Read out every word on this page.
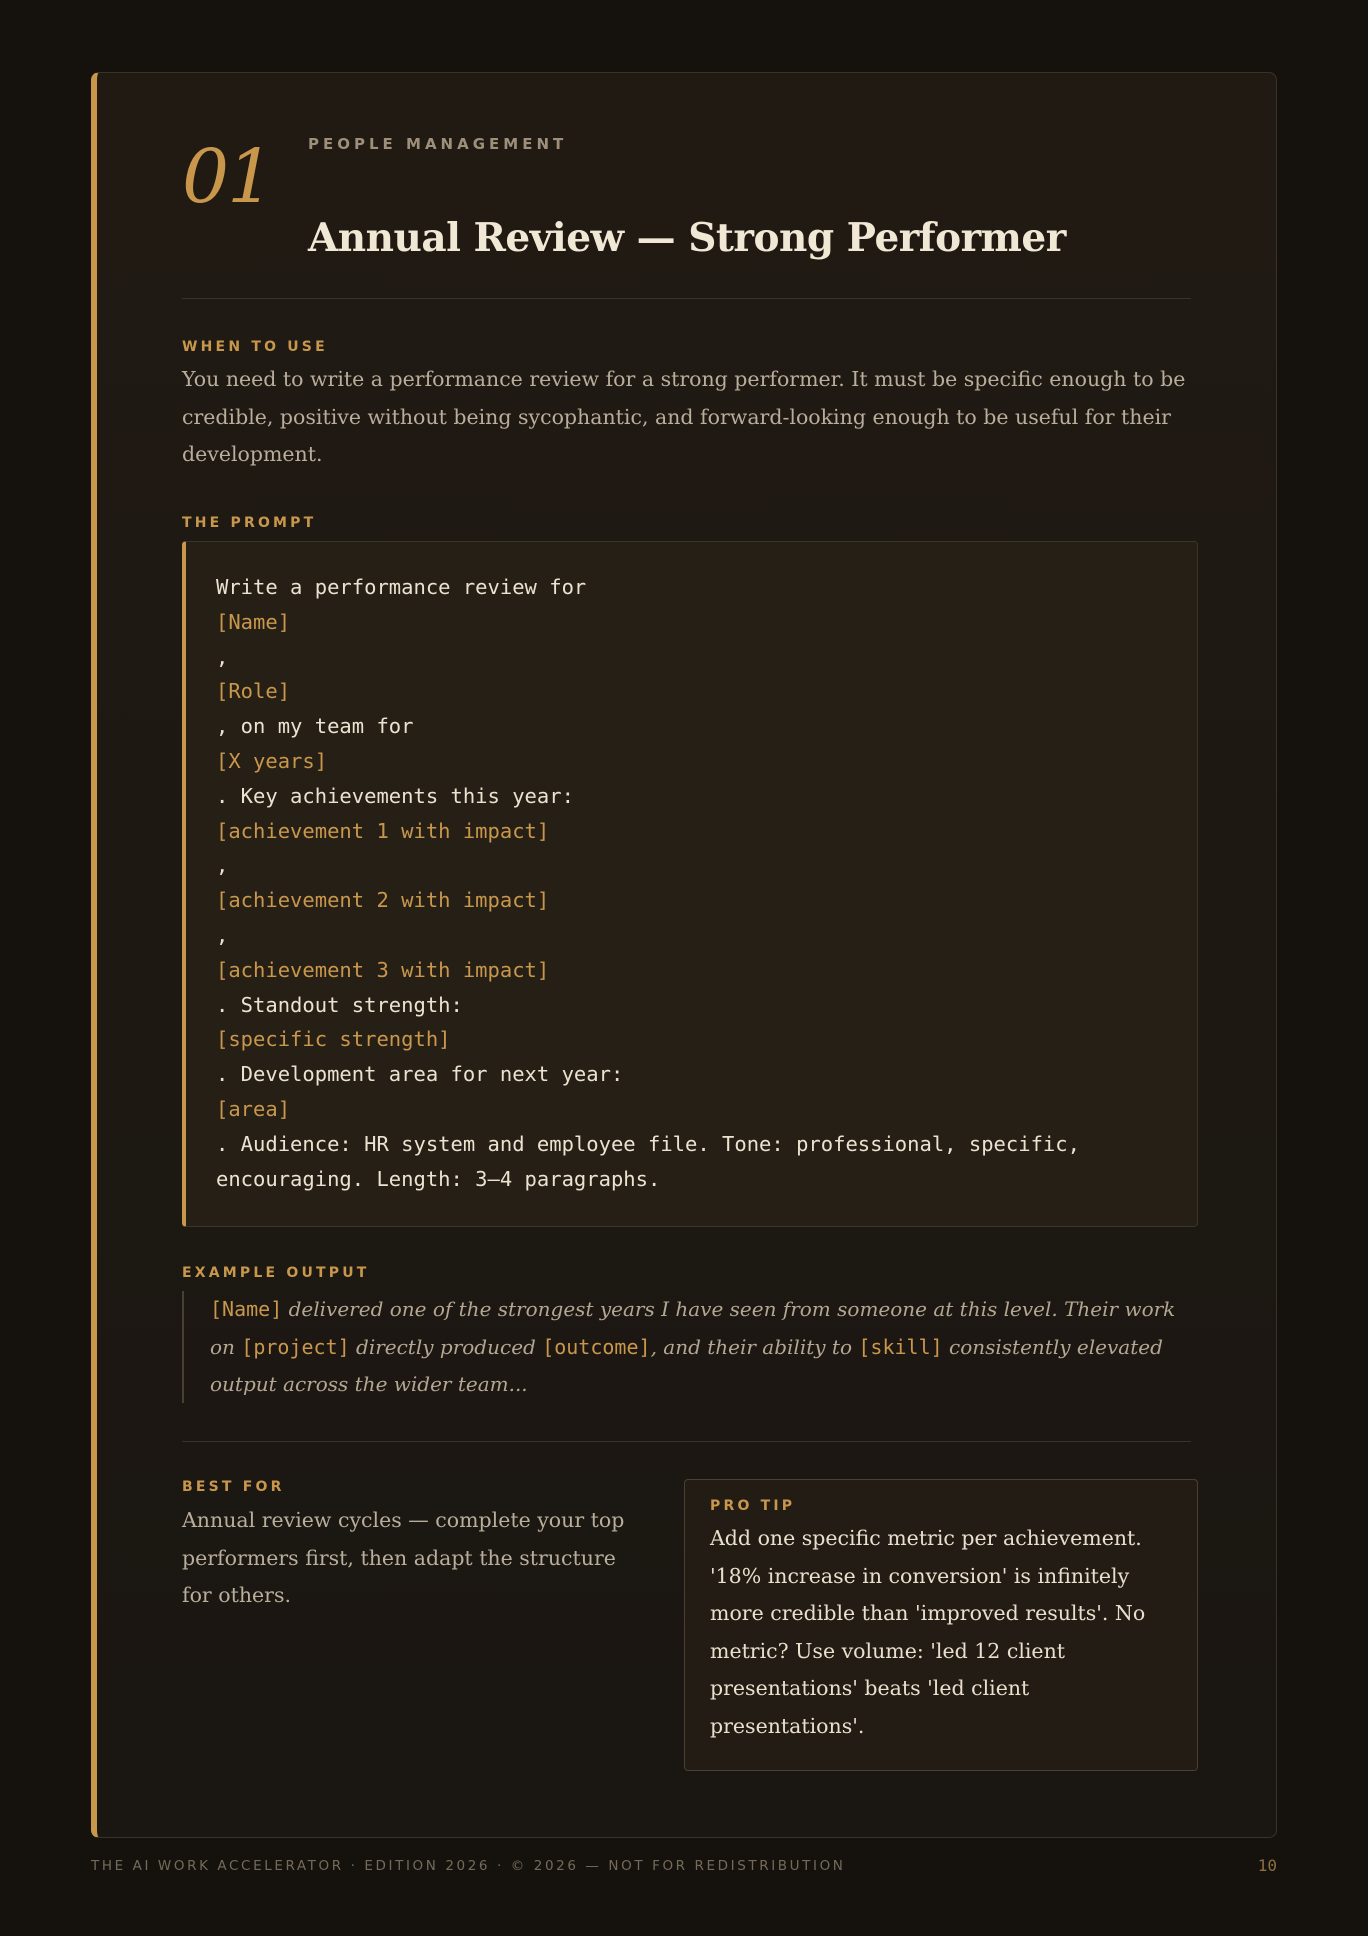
01 PEOPLE MANAGEMENT
Annual Review — Strong Performer
WHEN TO USE
You need to write a performance review for a strong performer. It must be specific enough to be credible, positive without being sycophantic, and forward-looking enough to be useful for their development.
THE PROMPT
Write a performance review for
[Name]
,
[Role]
, on my team for
[X years]
. Key achievements this year:
[achievement 1 with impact]
,
[achievement 2 with impact]
,
[achievement 3 with impact]
. Standout strength:
[specific strength]
. Development area for next year:
[area]
. Audience: HR system and employee file. Tone: professional, specific,
encouraging. Length: 3–4 paragraphs.
EXAMPLE OUTPUT
[Name] delivered one of the strongest years I have seen from someone at this level. Their work on [project] directly produced [outcome], and their ability to [skill] consistently elevated output across the wider team...
BEST FOR
Annual review cycles — complete your top performers first, then adapt the structure for others.
PRO TIP
Add one specific metric per achievement. '18% increase in conversion' is infinitely more credible than 'improved results'. No metric? Use volume: 'led 12 client presentations' beats 'led client presentations'.
THE AI WORK ACCELERATOR · EDITION 2026 · © 2026 — NOT FOR REDISTRIBUTION	10
